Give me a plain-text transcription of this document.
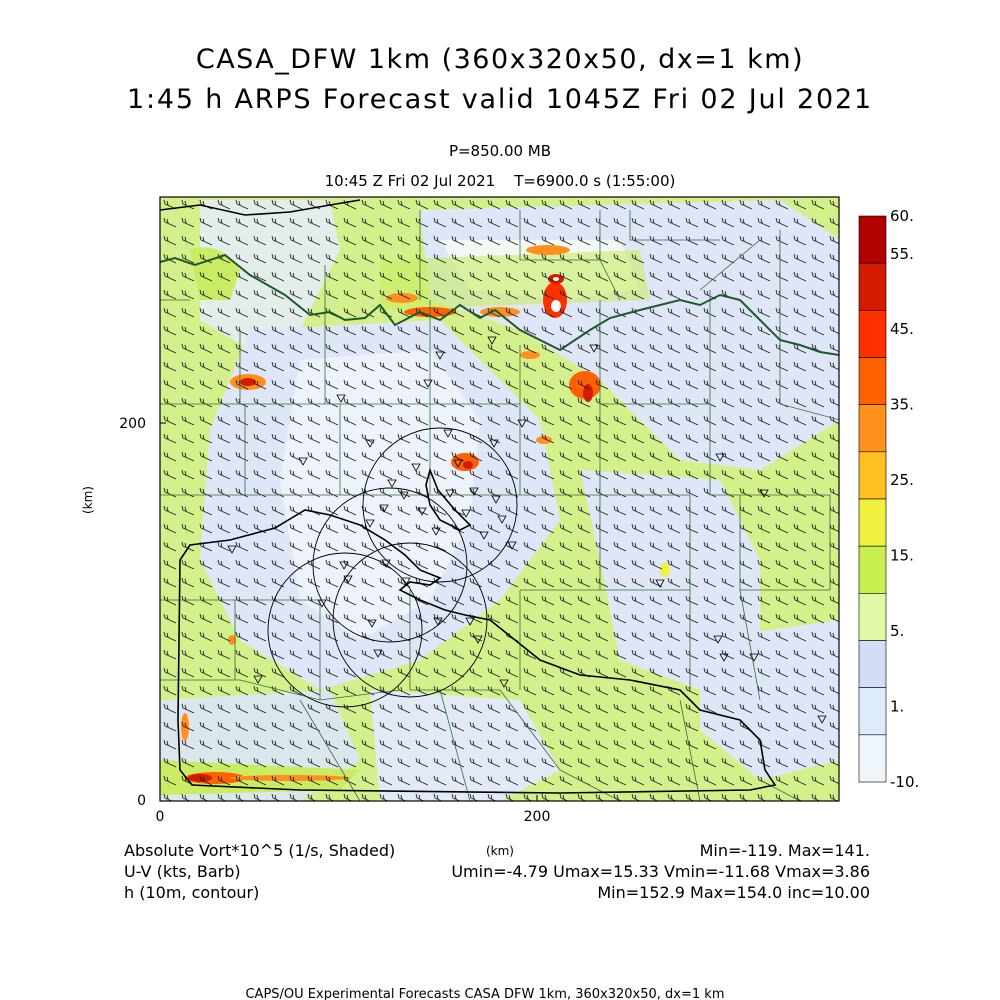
CASA_DFW 1km (360x320x50, dx=1 km)
1:45 h ARPS Forecast valid 1045Z Fri 02 Jul 2021
P=850.00 MB
10:45 Z Fri 02 Jul 2021    T=6900.0 s (1:55:00)
0
200
0	200
(km)
(km)
60.
55.
45.
35.
25.
15.
5.
1.
-10.
Absolute Vort*10^5 (1/s, Shaded)
U-V (kts, Barb)
h (10m, contour)
Min=-119. Max=141.
Umin=-4.79 Umax=15.33 Vmin=-11.68 Vmax=3.86
Min=152.9 Max=154.0 inc=10.00
CAPS/OU Experimental Forecasts CASA DFW 1km, 360x320x50, dx=1 km
